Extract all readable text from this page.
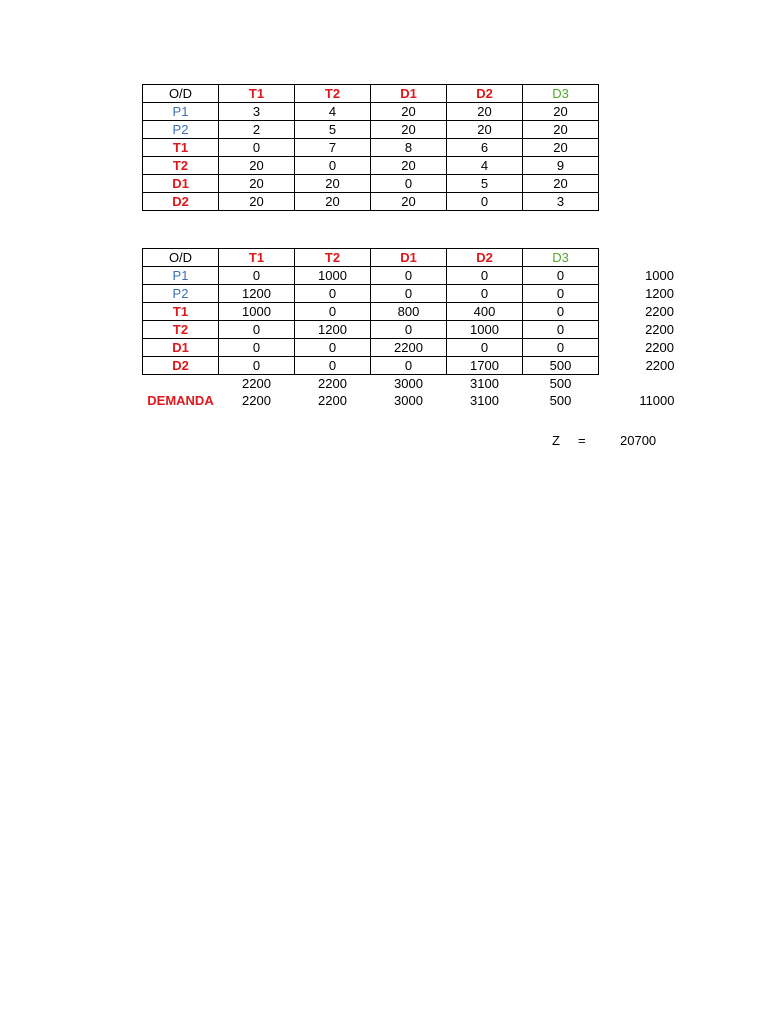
O/D	T1	T2	D1	D2	D3
P1	3	4	20	20	20
P2	2	5	20	20	20
T1	0	7	8	6	20
T2	20	0	20	4	9
D1	20	20	0	5	20
D2	20	20	20	0	3
O/D	T1	T2	D1	D2	D3	
P1	0	1000	0	0	0	1000
P2	1200	0	0	0	0	1200
T1	1000	0	800	400	0	2200
T2	0	1200	0	1000	0	2200
D1	0	0	2200	0	0	2200
D2	0	0	0	1700	500	2200
	2200	2200	3000	3100	500	
DEMANDA	2200	2200	3000	3100	500	11000
Z =	20700
